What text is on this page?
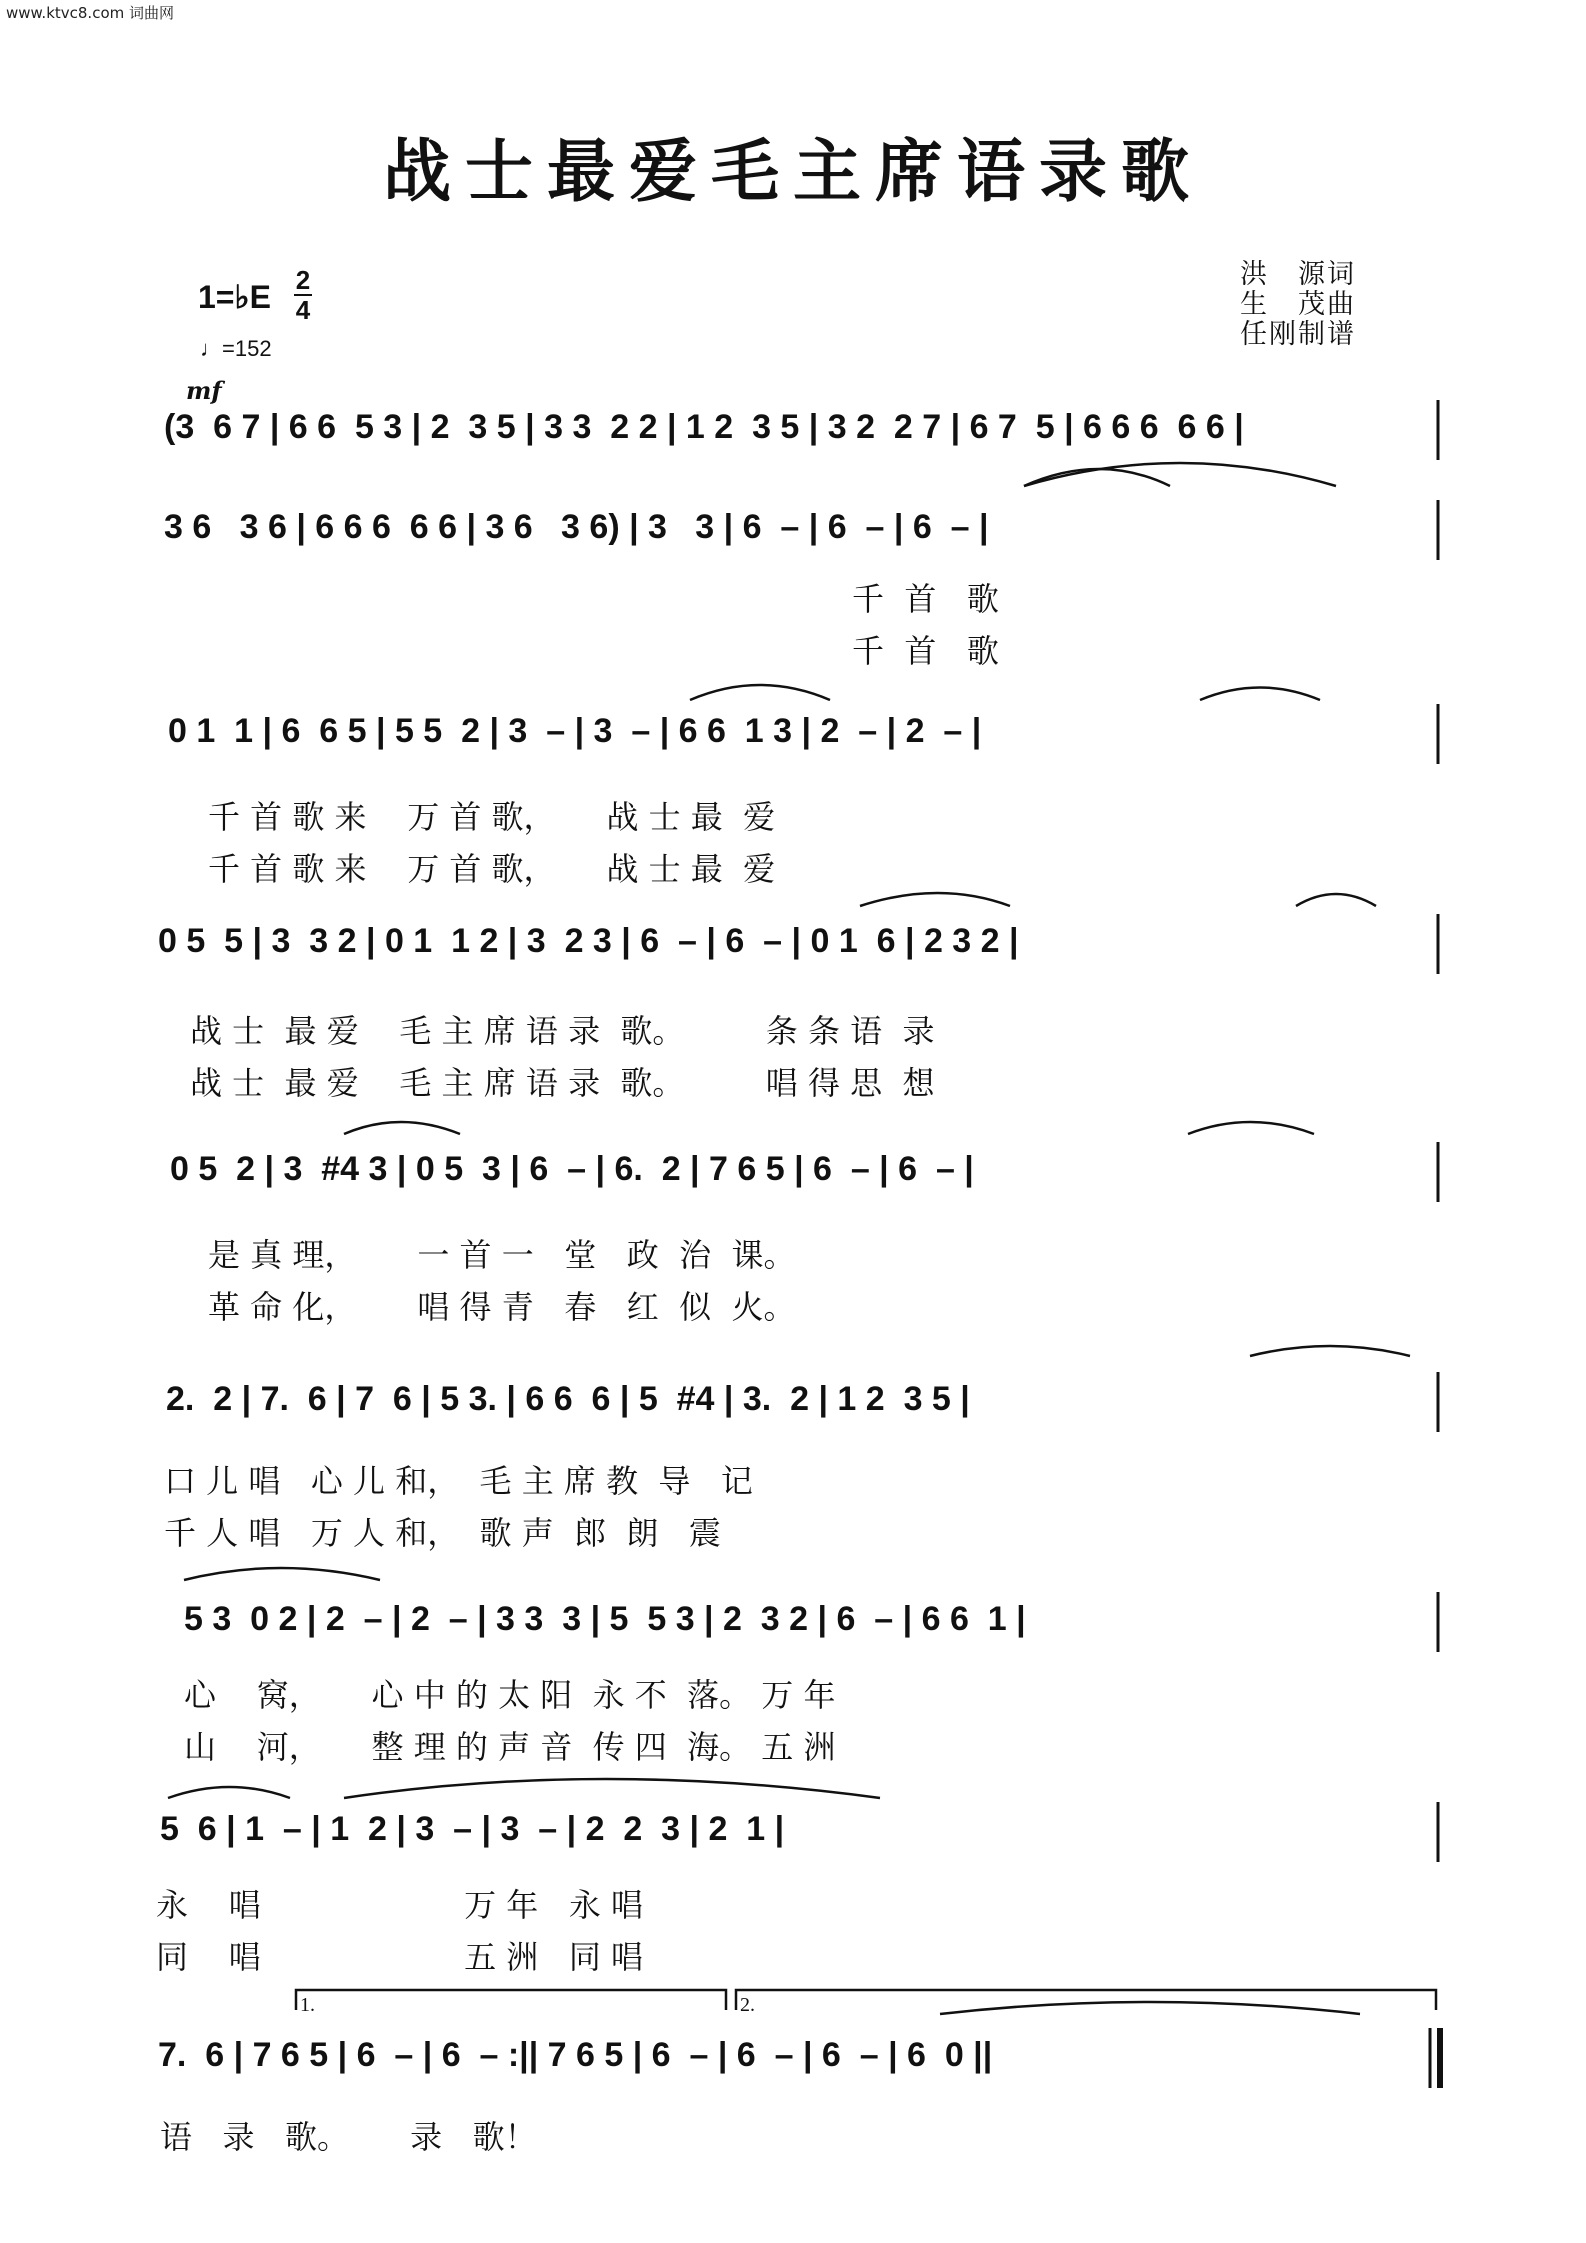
www.ktvc8.com 词曲网
战士最爱毛主席语录歌
1=♭E 2
4
♩=152
洪　源词
生　茂曲
任刚制谱
mf
(3  6 7 | 6 6  5 3 | 2  3 5 | 3 3  2 2 | 1 2  3 5 | 3 2  2 7 | 6 7  5 | 6 6 6  6 6 |
3 6   3 6 | 6 6 6  6 6 | 3 6   3 6) | 3   3 | 6  – | 6  – | 6  – |
千  首   歌
千  首   歌
0 1  1 | 6  6 5 | 5 5  2 | 3  – | 3  – | 6 6  1 3 | 2  – | 2  – |
千 首 歌 来    万 首 歌，     战 士 最  爱
千 首 歌 来    万 首 歌，     战 士 最  爱
0 5  5 | 3  3 2 | 0 1  1 2 | 3  2 3 | 6  – | 6  – | 0 1  6 | 2 3 2 |
战 士  最 爱    毛 主 席 语 录  歌。        条 条 语  录
战 士  最 爱    毛 主 席 语 录  歌。        唱 得 思  想
0 5  2 | 3  #4 3 | 0 5  3 | 6  – | 6.  2 | 7 6 5 | 6  – | 6  – |
是 真 理，      一 首 一   堂   政  治  课。
革 命 化，      唱 得 青   春   红  似  火。
2.  2 | 7.  6 | 7  6 | 5 3. | 6 6  6 | 5  #4 | 3.  2 | 1 2  3 5 |
口 儿 唱   心 儿 和，  毛 主 席 教  导   记
千 人 唱   万 人 和，  歌 声  郎  朗   震
5 3  0 2 | 2  – | 2  – | 3 3  3 | 5  5 3 | 2  3 2 | 6  – | 6 6  1 |
心    窝，     心 中 的 太 阳  永 不  落。 万 年
山    河，     整 理 的 声 音  传 四  海。 五 洲
5  6 | 1  – | 1  2 | 3  – | 3  – | 2  2  3 | 2  1 |
永    唱                    万 年   永 唱
同    唱                    五 洲   同 唱
1.	2.
7.  6 | 7 6 5 | 6  – | 6  – :|| 7 6 5 | 6  – | 6  – | 6  – | 6  0 ||
语   录   歌。      录   歌！
